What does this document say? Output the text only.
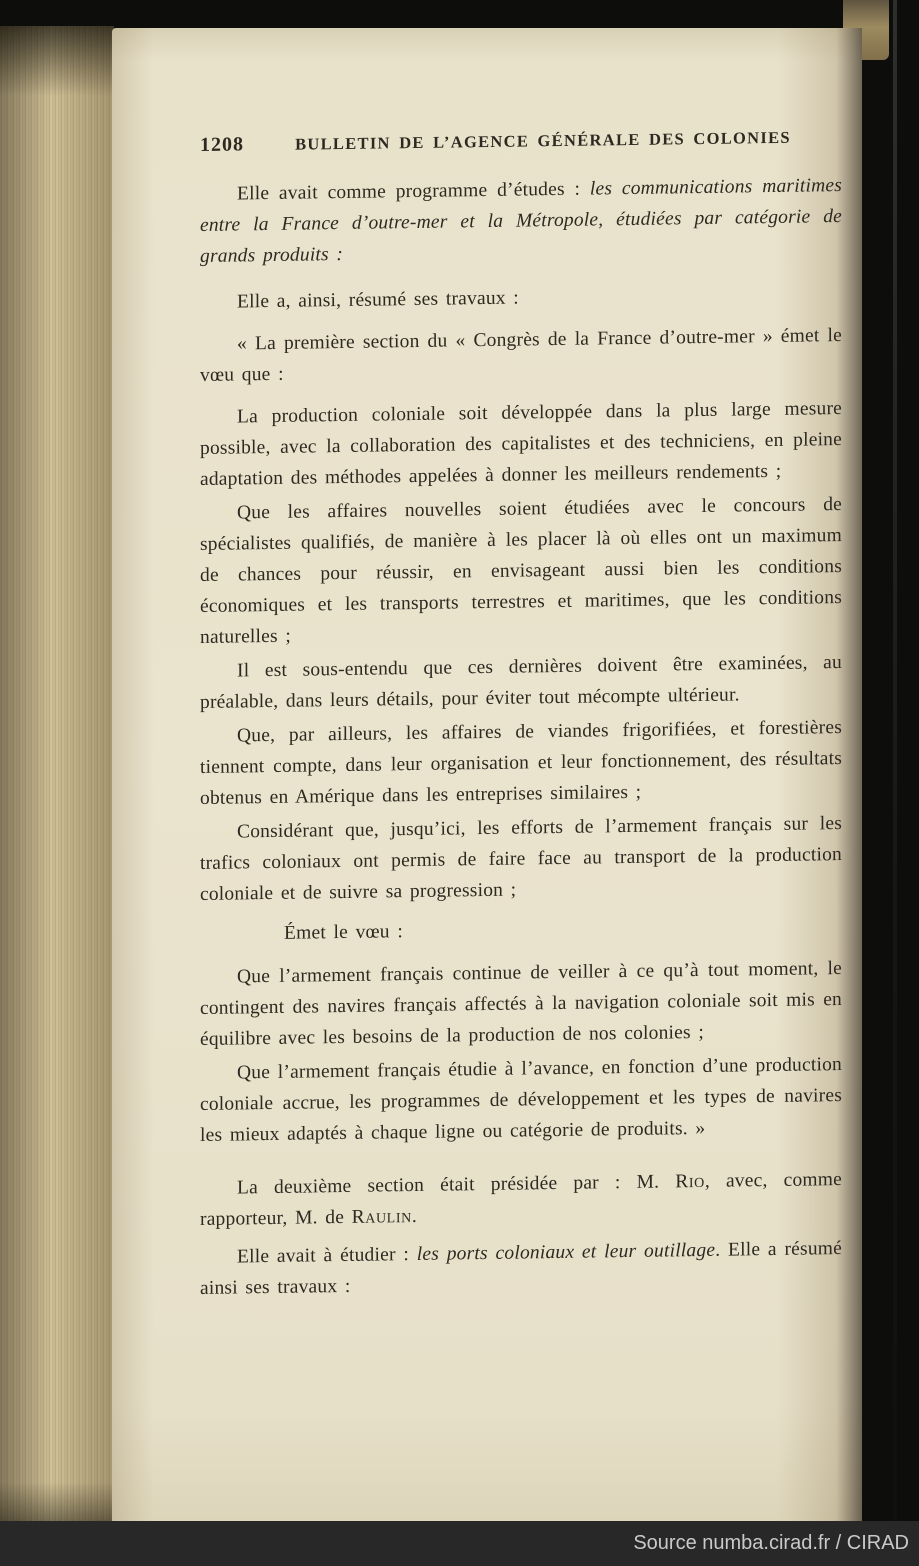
1208	BULLETIN DE L’AGENCE GÉNÉRALE DES COLONIES

Elle avait comme programme d’études : les communications maritimes entre la France d’outre-mer et la Métropole, étudiées par catégorie de grands produits :

Elle a, ainsi, résumé ses travaux :

« La première section du « Congrès de la France d’outre-mer » émet le vœu que :

La production coloniale soit développée dans la plus large mesure possible, avec la collaboration des capitalistes et des techniciens, en pleine adaptation des méthodes appelées à donner les meilleurs rendements ;

Que les affaires nouvelles soient étudiées avec le concours de spécialistes qualifiés, de manière à les placer là où elles ont un maximum de chances pour réussir, en envisageant aussi bien les conditions économiques et les transports terrestres et maritimes, que les conditions naturelles ;

Il est sous-entendu que ces dernières doivent être examinées, au préalable, dans leurs détails, pour éviter tout mécompte ultérieur.

Que, par ailleurs, les affaires de viandes frigorifiées, et forestières tiennent compte, dans leur organisation et leur fonctionnement, des résultats obtenus en Amérique dans les entreprises similaires ;

Considérant que, jusqu’ici, les efforts de l’armement français sur les trafics coloniaux ont permis de faire face au transport de la production coloniale et de suivre sa progression ;

Émet le vœu :

Que l’armement français continue de veiller à ce qu’à tout moment, le contingent des navires français affectés à la navigation coloniale soit mis en équilibre avec les besoins de la production de nos colonies ;

Que l’armement français étudie à l’avance, en fonction d’une production coloniale accrue, les programmes de développement et les types de navires les mieux adaptés à chaque ligne ou catégorie de produits. »

La deuxième section était présidée par : M. Rio, avec, comme rapporteur, M. de Raulin.

Elle avait à étudier : les ports coloniaux et leur outillage. Elle a résumé ainsi ses travaux :

Source numba.cirad.fr / CIRAD
